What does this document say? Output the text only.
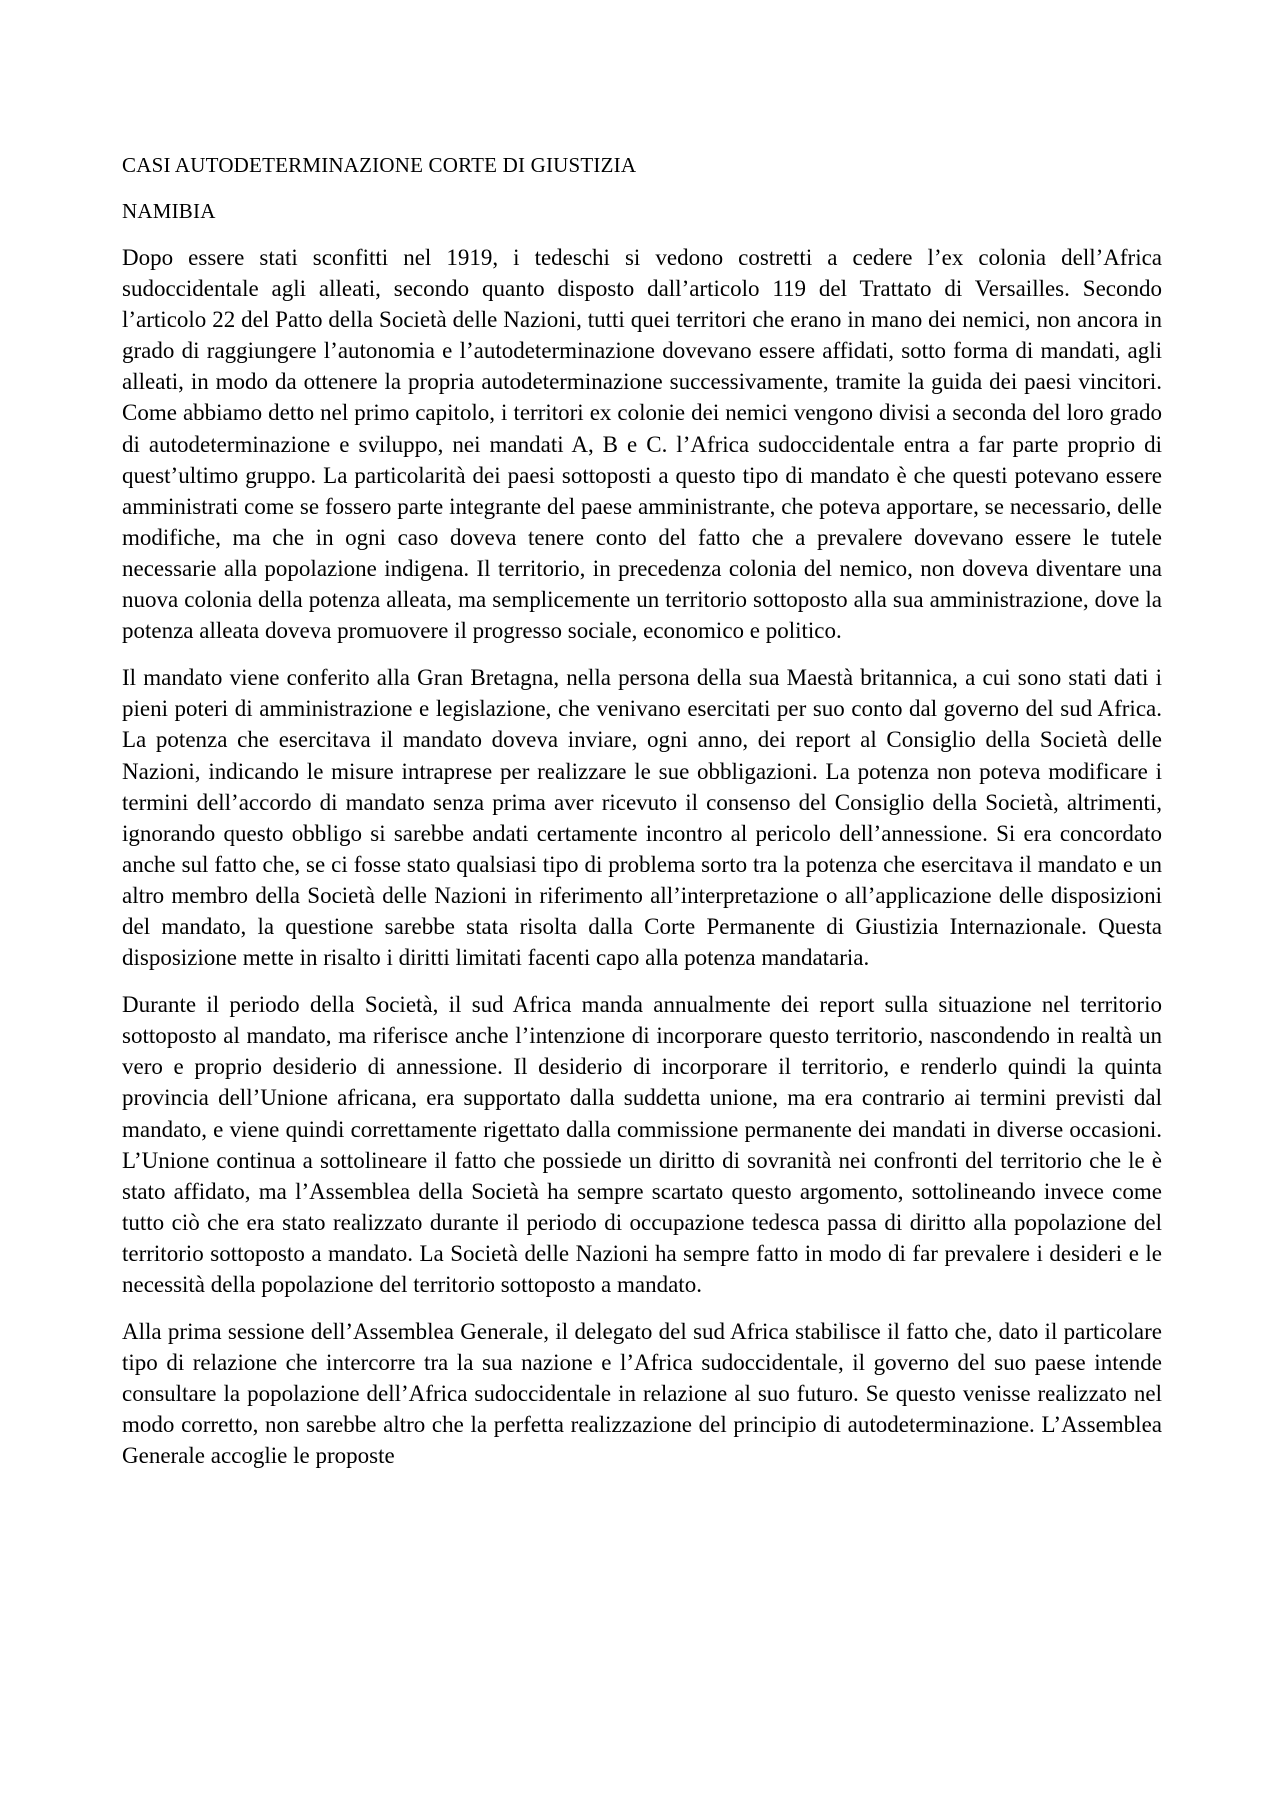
CASI AUTODETERMINAZIONE CORTE DI GIUSTIZIA
NAMIBIA

Dopo essere stati sconfitti nel 1919, i tedeschi si vedono costretti a cedere l’ex colonia dell’Africa sudoccidentale agli alleati, secondo quanto disposto dall’articolo 119 del Trattato di Versailles. Secondo l’articolo 22 del Patto della Società delle Nazioni, tutti quei territori che erano in mano dei nemici, non ancora in grado di raggiungere l’autonomia e l’autodeterminazione dovevano essere affidati, sotto forma di mandati, agli alleati, in modo da ottenere la propria autodeterminazione successivamente, tramite la guida dei paesi vincitori. Come abbiamo detto nel primo capitolo, i territori ex colonie dei nemici vengono divisi a seconda del loro grado di autodeterminazione e sviluppo, nei mandati A, B e C. l’Africa sudoccidentale entra a far parte proprio di quest’ultimo gruppo. La particolarità dei paesi sottoposti a questo tipo di mandato è che questi potevano essere amministrati come se fossero parte integrante del paese amministrante, che poteva apportare, se necessario, delle modifiche, ma che in ogni caso doveva tenere conto del fatto che a prevalere dovevano essere le tutele necessarie alla popolazione indigena. Il territorio, in precedenza colonia del nemico, non doveva diventare una nuova colonia della potenza alleata, ma semplicemente un territorio sottoposto alla sua amministrazione, dove la potenza alleata doveva promuovere il progresso sociale, economico e politico.

Il mandato viene conferito alla Gran Bretagna, nella persona della sua Maestà britannica, a cui sono stati dati i pieni poteri di amministrazione e legislazione, che venivano esercitati per suo conto dal governo del sud Africa. La potenza che esercitava il mandato doveva inviare, ogni anno, dei report al Consiglio della Società delle Nazioni, indicando le misure intraprese per realizzare le sue obbligazioni. La potenza non poteva modificare i termini dell’accordo di mandato senza prima aver ricevuto il consenso del Consiglio della Società, altrimenti, ignorando questo obbligo si sarebbe andati certamente incontro al pericolo dell’annessione. Si era concordato anche sul fatto che, se ci fosse stato qualsiasi tipo di problema sorto tra la potenza che esercitava il mandato e un altro membro della Società delle Nazioni in riferimento all’interpretazione o all’applicazione delle disposizioni del mandato, la questione sarebbe stata risolta dalla Corte Permanente di Giustizia Internazionale. Questa disposizione mette in risalto i diritti limitati facenti capo alla potenza mandataria.

Durante il periodo della Società, il sud Africa manda annualmente dei report sulla situazione nel territorio sottoposto al mandato, ma riferisce anche l’intenzione di incorporare questo territorio, nascondendo in realtà un vero e proprio desiderio di annessione. Il desiderio di incorporare il territorio, e renderlo quindi la quinta provincia dell’Unione africana, era supportato dalla suddetta unione, ma era contrario ai termini previsti dal mandato, e viene quindi correttamente rigettato dalla commissione permanente dei mandati in diverse occasioni. L’Unione continua a sottolineare il fatto che possiede un diritto di sovranità nei confronti del territorio che le è stato affidato, ma l’Assemblea della Società ha sempre scartato questo argomento, sottolineando invece come tutto ciò che era stato realizzato durante il periodo di occupazione tedesca passa di diritto alla popolazione del territorio sottoposto a mandato. La Società delle Nazioni ha sempre fatto in modo di far prevalere i desideri e le necessità della popolazione del territorio sottoposto a mandato.

Alla prima sessione dell’Assemblea Generale, il delegato del sud Africa stabilisce il fatto che, dato il particolare tipo di relazione che intercorre tra la sua nazione e l’Africa sudoccidentale, il governo del suo paese intende consultare la popolazione dell’Africa sudoccidentale in relazione al suo futuro. Se questo venisse realizzato nel modo corretto, non sarebbe altro che la perfetta realizzazione del principio di autodeterminazione. L’Assemblea Generale accoglie le proposte
